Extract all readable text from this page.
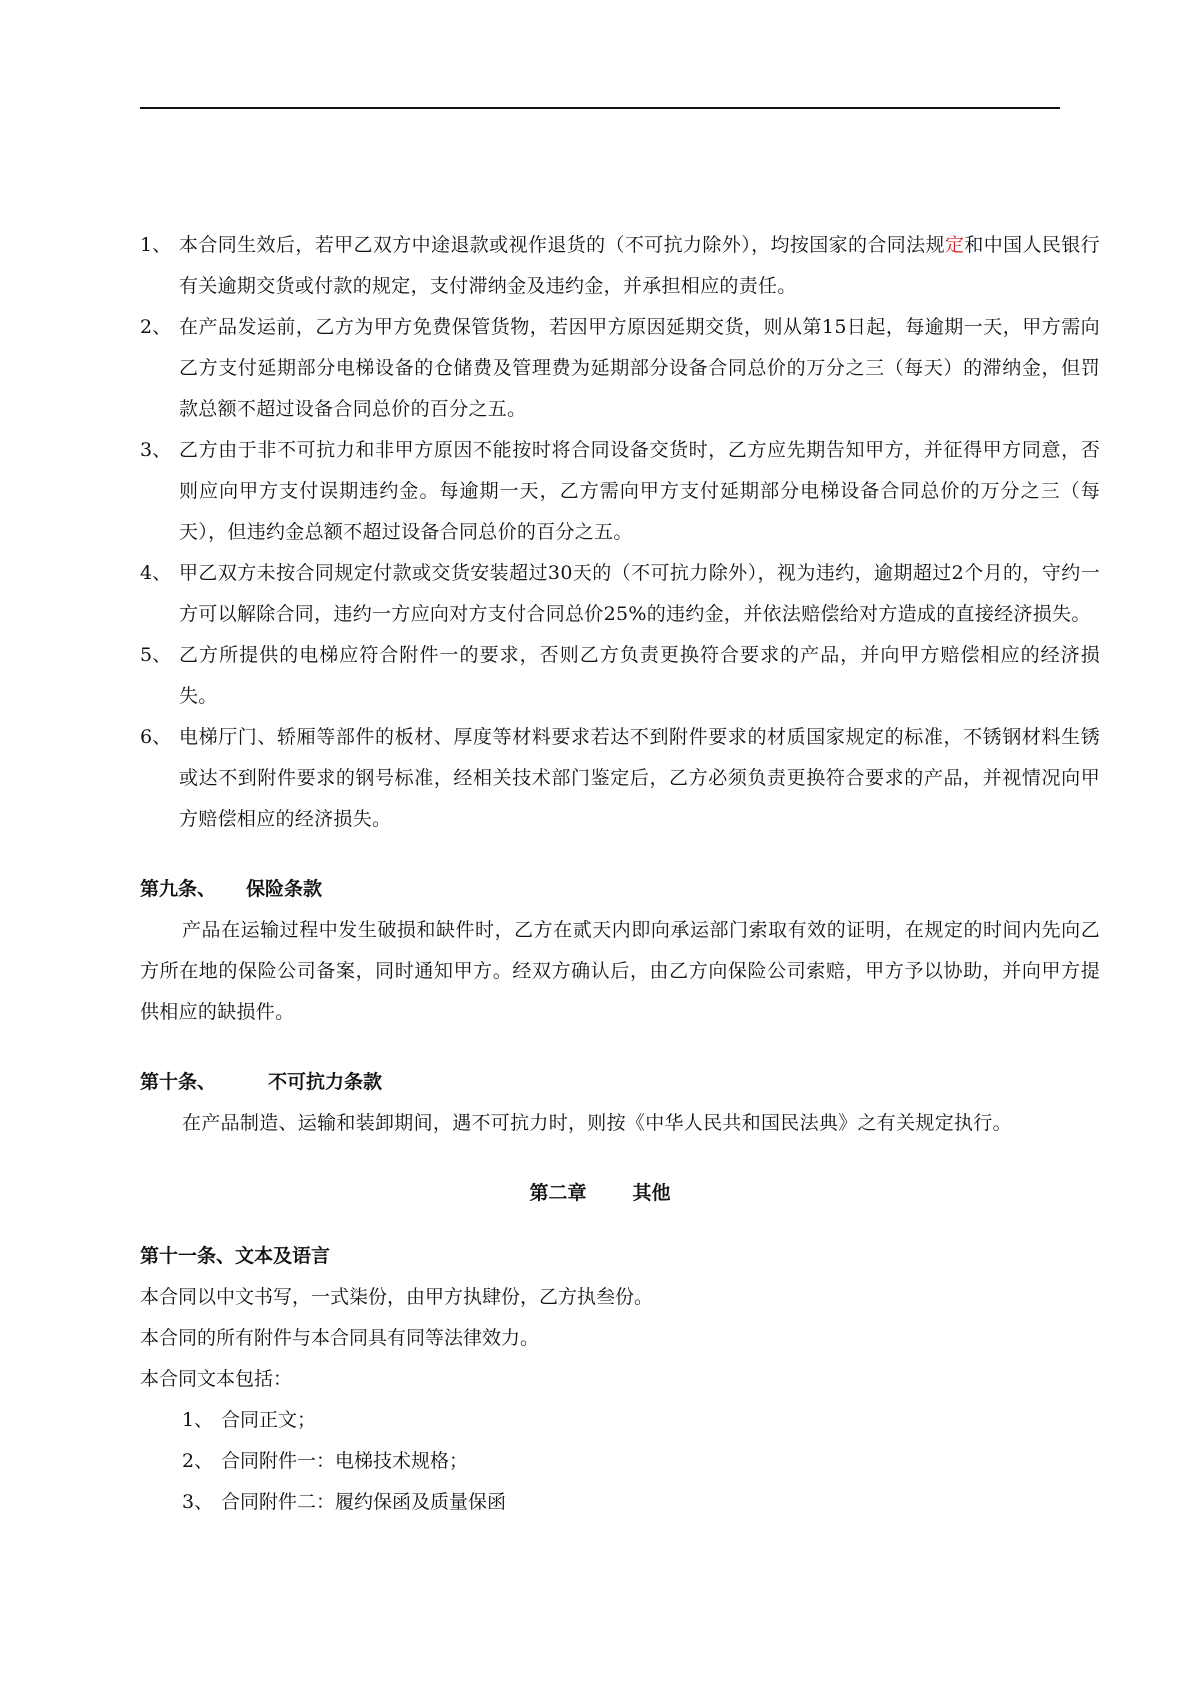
1、 本合同生效后，若甲乙双方中途退款或视作退货的（不可抗力除外），均按国家的合同法规定和中国人民银行有关逾期交货或付款的规定，支付滞纳金及违约金，并承担相应的责任。

2、 在产品发运前，乙方为甲方免费保管货物，若因甲方原因延期交货，则从第15日起，每逾期一天，甲方需向乙方支付延期部分电梯设备的仓储费及管理费为延期部分设备合同总价的万分之三（每天）的滞纳金，但罚款总额不超过设备合同总价的百分之五。

3、 乙方由于非不可抗力和非甲方原因不能按时将合同设备交货时，乙方应先期告知甲方，并征得甲方同意，否则应向甲方支付误期违约金。每逾期一天，乙方需向甲方支付延期部分电梯设备合同总价的万分之三（每天），但违约金总额不超过设备合同总价的百分之五。

4、 甲乙双方未按合同规定付款或交货安装超过30天的（不可抗力除外），视为违约，逾期超过2个月的，守约一方可以解除合同，违约一方应向对方支付合同总价25%的违约金，并依法赔偿给对方造成的直接经济损失。

5、 乙方所提供的电梯应符合附件一的要求，否则乙方负责更换符合要求的产品，并向甲方赔偿相应的经济损失。

6、 电梯厅门、轿厢等部件的板材、厚度等材料要求若达不到附件要求的材质国家规定的标准，不锈钢材料生锈或达不到附件要求的钢号标准，经相关技术部门鉴定后，乙方必须负责更换符合要求的产品，并视情况向甲方赔偿相应的经济损失。

第九条、 保险条款

产品在运输过程中发生破损和缺件时，乙方在贰天内即向承运部门索取有效的证明，在规定的时间内先向乙方所在地的保险公司备案，同时通知甲方。经双方确认后，由乙方向保险公司索赔，甲方予以协助，并向甲方提供相应的缺损件。

第十条、	不可抗力条款

在产品制造、运输和装卸期间，遇不可抗力时，则按《中华人民共和国民法典》之有关规定执行。

第二章 其他

第十一条、文本及语言

本合同以中文书写，一式柒份，由甲方执肆份，乙方执叁份。

本合同的所有附件与本合同具有同等法律效力。

本合同文本包括：

1、 合同正文；

2、 合同附件一：电梯技术规格；

3、 合同附件二：履约保函及质量保函
